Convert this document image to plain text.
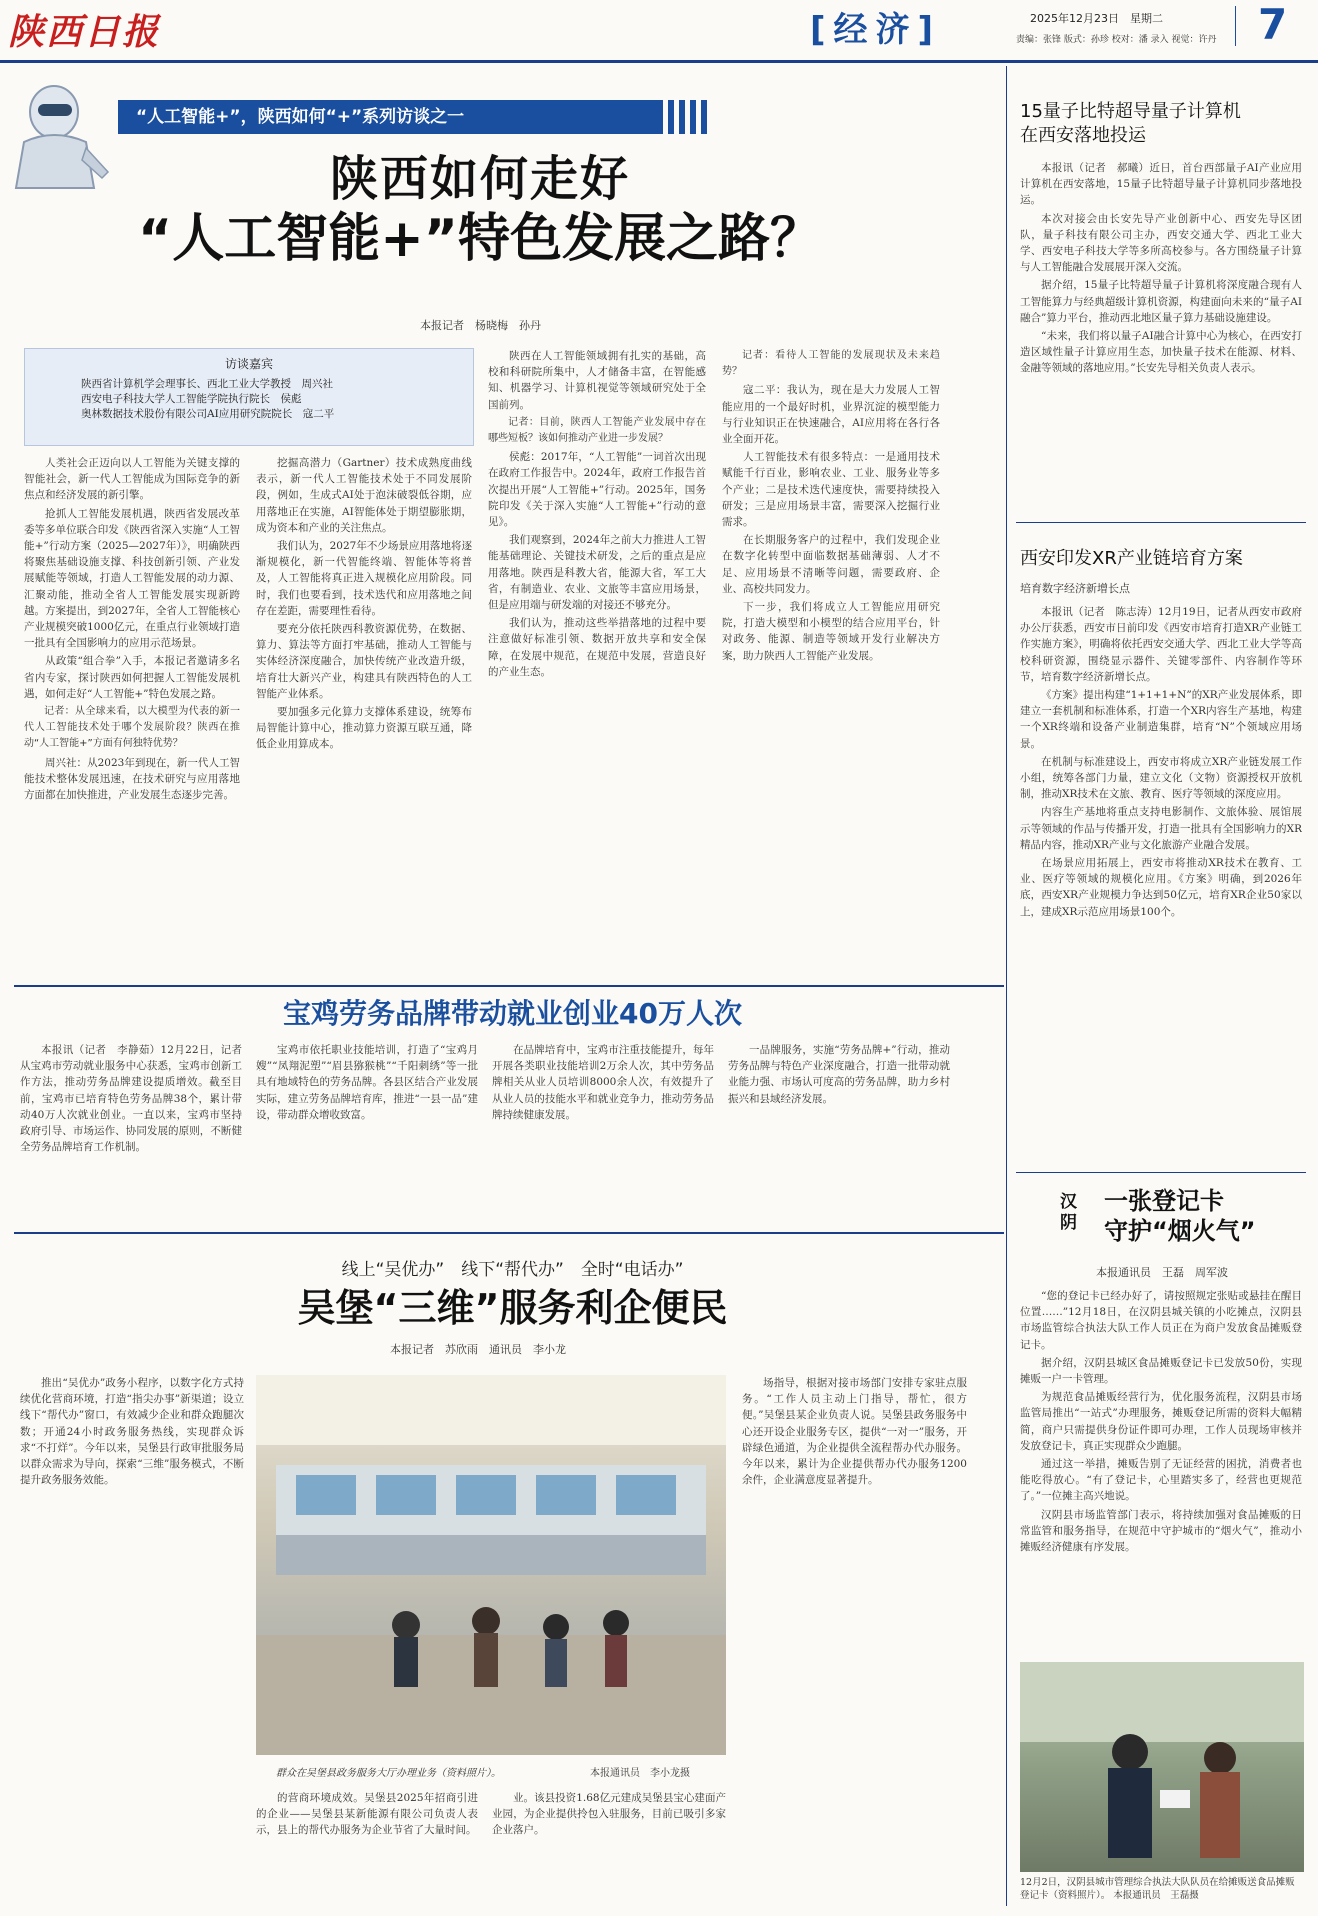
陕西日报	[经济]	2025年12月23日　 星期二
责编：张锋 版式：孙珍 校对：潘 录入 视觉：许丹 7
“人工智能+”，陕西如何“+”系列访谈之一
陕西如何走好
“人工智能+”特色发展之路？
本报记者　杨晓梅　孙丹
访谈嘉宾
陕西省计算机学会理事长、西北工业大学教授　周兴社
西安电子科技大学人工智能学院执行院长　侯彪
奥林数据技术股份有限公司AI应用研究院院长　寇二平

人类社会正迈向以人工智能为关键支撑的智能社会，新一代人工智能成为国际竞争的新焦点和经济发展的新引擎。

抢抓人工智能发展机遇，陕西省发展改革委等多单位联合印发《陕西省深入实施“人工智能+”行动方案（2025—2027年）》，明确陕西将聚焦基础设施支撑、科技创新引领、产业发展赋能等领域，打造人工智能发展的动力源、汇聚动能，推动全省人工智能发展实现新跨越。方案提出，到2027年，全省人工智能核心产业规模突破1000亿元，在重点行业领域打造一批具有全国影响力的应用示范场景。

从政策“组合拳”入手，本报记者邀请多名省内专家，探讨陕西如何把握人工智能发展机遇，如何走好“人工智能+”特色发展之路。

记者：从全球来看，以大模型为代表的新一代人工智能技术处于哪个发展阶段？陕西在推动“人工智能+”方面有何独特优势？

周兴社：从2023年到现在，新一代人工智能技术整体发展迅速，在技术研究与应用落地方面都在加快推进，产业发展生态逐步完善。

挖掘高潜力（Gartner）技术成熟度曲线表示，新一代人工智能技术处于不同发展阶段，例如，生成式AI处于泡沫破裂低谷期，应用落地正在实施，AI智能体处于期望膨胀期，成为资本和产业的关注焦点。

我们认为，2027年不少场景应用落地将逐渐规模化，新一代智能终端、智能体等将普及，人工智能将真正进入规模化应用阶段。同时，我们也要看到，技术迭代和应用落地之间存在差距，需要理性看待。

要充分依托陕西科教资源优势，在数据、算力、算法等方面打牢基础，推动人工智能与实体经济深度融合，加快传统产业改造升级，培育壮大新兴产业，构建具有陕西特色的人工智能产业体系。

要加强多元化算力支撑体系建设，统筹布局智能计算中心，推动算力资源互联互通，降低企业用算成本。

陕西在人工智能领域拥有扎实的基础，高校和科研院所集中，人才储备丰富，在智能感知、机器学习、计算机视觉等领域研究处于全国前列。

记者：目前，陕西人工智能产业发展中存在哪些短板？该如何推动产业进一步发展？

侯彪：2017年，“人工智能”一词首次出现在政府工作报告中。2024年，政府工作报告首次提出开展“人工智能+”行动。2025年，国务院印发《关于深入实施“人工智能+”行动的意见》。

我们观察到，2024年之前大力推进人工智能基础理论、关键技术研发，之后的重点是应用落地。陕西是科教大省，能源大省，军工大省，有制造业、农业、文旅等丰富应用场景，但是应用端与研发端的对接还不够充分。

我们认为，推动这些举措落地的过程中要注意做好标准引领、数据开放共享和安全保障，在发展中规范，在规范中发展，营造良好的产业生态。

记者：看待人工智能的发展现状及未来趋势？

寇二平：我认为，现在是大力发展人工智能应用的一个最好时机，业界沉淀的模型能力与行业知识正在快速融合，AI应用将在各行各业全面开花。

人工智能技术有很多特点：一是通用技术赋能千行百业，影响农业、工业、服务业等多个产业；二是技术迭代速度快，需要持续投入研发；三是应用场景丰富，需要深入挖掘行业需求。

在长期服务客户的过程中，我们发现企业在数字化转型中面临数据基础薄弱、人才不足、应用场景不清晰等问题，需要政府、企业、高校共同发力。

下一步，我们将成立人工智能应用研究院，打造大模型和小模型的结合应用平台，针对政务、能源、制造等领域开发行业解决方案，助力陕西人工智能产业发展。

宝鸡劳务品牌带动就业创业40万人次

本报讯（记者　李静茹）12月22日，记者从宝鸡市劳动就业服务中心获悉，宝鸡市创新工作方法，推动劳务品牌建设提质增效。截至目前，宝鸡市已培育特色劳务品牌38个，累计带动40万人次就业创业。一直以来，宝鸡市坚持政府引导、市场运作、协同发展的原则，不断健全劳务品牌培育工作机制。

宝鸡市依托职业技能培训，打造了“宝鸡月嫂”“凤翔泥塑”“眉县猕猴桃”“千阳刺绣”等一批具有地域特色的劳务品牌。各县区结合产业发展实际，建立劳务品牌培育库，推进“一县一品”建设，带动群众增收致富。

在品牌培育中，宝鸡市注重技能提升，每年开展各类职业技能培训2万余人次，其中劳务品牌相关从业人员培训8000余人次，有效提升了从业人员的技能水平和就业竞争力，推动劳务品牌持续健康发展。

一品牌服务，实施“劳务品牌+”行动，推动劳务品牌与特色产业深度融合，打造一批带动就业能力强、市场认可度高的劳务品牌，助力乡村振兴和县域经济发展。

线上“吴优办”　线下“帮代办”　全时“电话办”
吴堡“三维”服务利企便民
本报记者　苏欣雨　通讯员　李小龙

推出“吴优办”政务小程序，以数字化方式持续优化营商环境，打造“指尖办事”新渠道；设立线下“帮代办”窗口，有效减少企业和群众跑腿次数；开通24小时政务服务热线，实现群众诉求“不打烊”。今年以来，吴堡县行政审批服务局以群众需求为导向，探索“三维”服务模式，不断提升政务服务效能。

群众在吴堡县政务服务大厅办理业务（资料照片）。	本报通讯员　李小龙摄

的营商环境成效。吴堡县2025年招商引进的企业——吴堡县某新能源有限公司负责人表示，县上的帮代办服务为企业节省了大量时间。

业。该县投资1.68亿元建成吴堡县宝心建面产业园，为企业提供拎包入驻服务，目前已吸引多家企业落户。

场指导，根据对接市场部门安排专家驻点服务。“工作人员主动上门指导，帮忙，很方便。”吴堡县某企业负责人说。吴堡县政务服务中心还开设企业服务专区，提供“一对一”服务，开辟绿色通道，为企业提供全流程帮办代办服务。今年以来，累计为企业提供帮办代办服务1200余件，企业满意度显著提升。

15量子比特超导量子计算机
在西安落地投运

本报讯（记者　郝曦）近日，首台西部量子AI产业应用计算机在西安落地，15量子比特超导量子计算机同步落地投运。

本次对接会由长安先导产业创新中心、西安先导区团队，量子科技有限公司主办，西安交通大学、西北工业大学、西安电子科技大学等多所高校参与。各方围绕量子计算与人工智能融合发展展开深入交流。

据介绍，15量子比特超导量子计算机将深度融合现有人工智能算力与经典超级计算机资源，构建面向未来的“量子AI融合”算力平台，推动西北地区量子算力基础设施建设。

“未来，我们将以量子AI融合计算中心为核心，在西安打造区域性量子计算应用生态，加快量子技术在能源、材料、金融等领域的落地应用。”长安先导相关负责人表示。

西安印发XR产业链培育方案
培育数字经济新增长点

本报讯（记者　陈志涛）12月19日，记者从西安市政府办公厅获悉，西安市日前印发《西安市培育打造XR产业链工作实施方案》，明确将依托西安交通大学、西北工业大学等高校科研资源，围绕显示器件、关键零部件、内容制作等环节，培育数字经济新增长点。

《方案》提出构建“1+1+1+N”的XR产业发展体系，即建立一套机制和标准体系，打造一个XR内容生产基地，构建一个XR终端和设备产业制造集群，培育“N”个领域应用场景。

在机制与标准建设上，西安市将成立XR产业链发展工作小组，统筹各部门力量，建立文化（文物）资源授权开放机制，推动XR技术在文旅、教育、医疗等领域的深度应用。

内容生产基地将重点支持电影制作、文旅体验、展馆展示等领域的作品与传播开发，打造一批具有全国影响力的XR精品内容，推动XR产业与文化旅游产业融合发展。

在场景应用拓展上，西安市将推动XR技术在教育、工业、医疗等领域的规模化应用。《方案》明确，到2026年底，西安XR产业规模力争达到50亿元，培育XR企业50家以上，建成XR示范应用场景100个。

汉阴
一张登记卡
守护“烟火气”
本报通讯员　王磊　周军波

“您的登记卡已经办好了，请按照规定张贴或悬挂在醒目位置……”12月18日，在汉阴县城关镇的小吃摊点，汉阴县市场监管综合执法大队工作人员正在为商户发放食品摊贩登记卡。

据介绍，汉阴县城区食品摊贩登记卡已发放50份，实现摊贩一户一卡管理。

为规范食品摊贩经营行为，优化服务流程，汉阴县市场监管局推出“一站式”办理服务，摊贩登记所需的资料大幅精简，商户只需提供身份证件即可办理，工作人员现场审核并发放登记卡，真正实现群众少跑腿。

通过这一举措，摊贩告别了无证经营的困扰，消费者也能吃得放心。“有了登记卡，心里踏实多了，经营也更规范了。”一位摊主高兴地说。

汉阴县市场监管部门表示，将持续加强对食品摊贩的日常监管和服务指导，在规范中守护城市的“烟火气”，推动小摊贩经济健康有序发展。

12月2日，汉阴县城市管理综合执法大队队员在给摊贩送食品摊贩登记卡（资料照片）。 本报通讯员　王磊摄
